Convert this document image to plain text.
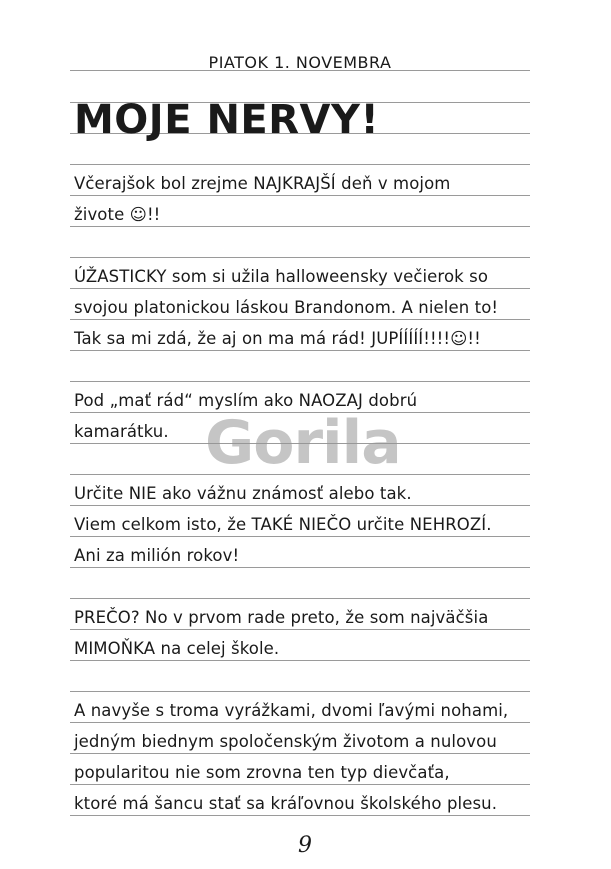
PIATOK 1. NOVEMBRA
MOJE NERVY!
Včerajšok bol zrejme NAJKRAJŠÍ deň v mojom
živote ☺!!
ÚŽASTICKY som si užila halloweensky večierok so
svojou platonickou láskou Brandonom. A nielen to!
Tak sa mi zdá, že aj on ma má rád! JUPÍÍÍÍÍ!!!!☺!!
Pod „mať rád“ myslím ako NAOZAJ dobrú
kamarátku.
Určite NIE ako vážnu známosť alebo tak.
Viem celkom isto, že TAKÉ NIEČO určite NEHROZÍ.
Ani za milión rokov!
PREČO? No v prvom rade preto, že som najväčšia
MIMOŇKA na celej škole.
A navyše s troma vyrážkami, dvomi ľavými nohami,
jedným biednym spoločenským životom a nulovou
popularitou nie som zrovna ten typ dievčaťa,
ktoré má šancu stať sa kráľovnou školského plesu.
Gorila
9
